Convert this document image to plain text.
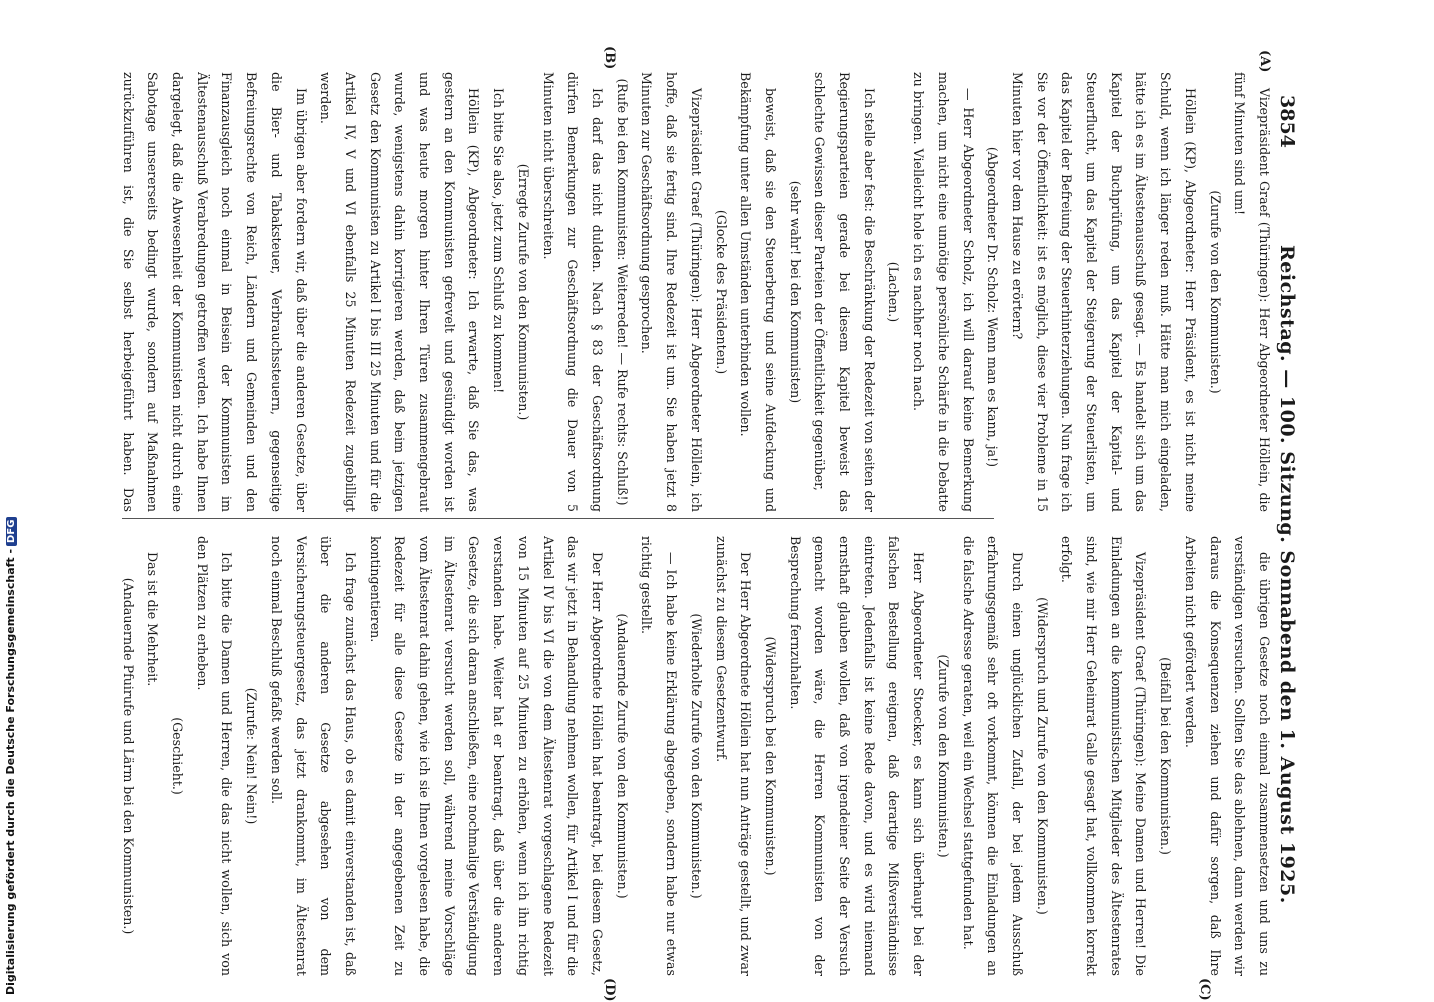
3854
Reichstag. — 100. Sitzung. Sonnabend den 1. August 1925.
(A)
(B)
(C)
(D)

Vizepräsident Graef (Thüringen): Herr Abgeordneter Höllein, die fünf Minuten sind um!

(Zurufe von den Kommunisten.)

Höllein (KP), Abgeordneter: Herr Präsident, es ist nicht meine Schuld, wenn ich länger reden muß. Hätte man mich eingeladen, hätte ich es im Ältestenausschuß gesagt. — Es handelt sich um das Kapitel der Buchprüfung, um das Kapitel der Kapital- und Steuerflucht, um das Kapitel der Steigerung der Steuerlisten, um das Kapitel der Befreiung der Steuerhinterziehungen. Nun frage ich Sie vor der Öffentlichkeit: ist es möglich, diese vier Probleme in 15 Minuten hier vor dem Hause zu erörtern?

(Abgeordneter Dr. Scholz: Wenn man es kann, ja!)

— Herr Abgeordneter Scholz, ich will darauf keine Bemerkung machen, um nicht eine unnötige persönliche Schärfe in die Debatte zu bringen. Vielleicht hole ich es nachher noch nach.

(Lachen.)

Ich stelle aber fest: die Beschränkung der Redezeit von seiten der Regierungsparteien gerade bei diesem Kapitel beweist das schlechte Gewissen dieser Parteien der Öffentlichkeit gegenüber,

(sehr wahr! bei den Kommunisten)

beweist, daß sie den Steuerbetrug und seine Aufdeckung und Bekämpfung unter allen Umständen unterbinden wollen.

(Glocke des Präsidenten.)

Vizepräsident Graef (Thüringen): Herr Abgeordneter Höllein, ich hoffe, daß sie fertig sind. Ihre Redezeit ist um. Sie haben jetzt 8 Minuten zur Geschäftsordnung gesprochen.

(Rufe bei den Kommunisten: Weiterreden! — Rufe rechts: Schluß!)

Ich darf das nicht dulden. Nach § 83 der Geschäftsordnung dürfen Bemerkungen zur Geschäftsordnung die Dauer von 5 Minuten nicht überschreiten.

(Erregte Zurufe von den Kommunisten.)

Ich bitte Sie also, jetzt zum Schluß zu kommen!

Höllein (KP), Abgeordneter: Ich erwarte, daß Sie das, was gestern an den Kommunisten gefrevelt und gesündigt worden ist und was heute morgen hinter Ihren Türen zusammengebraut wurde, wenigstens dahin korrigieren werden, daß beim jetzigen Gesetz den Kommunisten zu Artikel I bis III 25 Minuten und für die Artikel IV, V und VI ebenfalls 25 Minuten Redezeit zugebilligt werden.

Im übrigen aber fordern wir, daß über die anderen Gesetze, über die Bier- und Tabaksteuer, Verbrauchssteuern, gegenseitige Befreiungsrechte von Reich, Ländern und Gemeinden und den Finanzausgleich noch einmal in Beisein der Kommunisten im Ältestenausschuß Verabredungen getroffen werden. Ich habe Ihnen dargelegt, daß die Abwesenheit der Kommunisten nicht durch eine Sabotage unsererseits bedingt wurde, sondern auf Maßnahmen zurückzuführen ist, die Sie selbst herbeigeführt haben. Das

die übrigen Gesetze noch einmal zusammensetzen und uns zu verständigen versuchen. Sollten Sie das ablehnen, dann werden wir daraus die Konsequenzen ziehen und dafür sorgen, daß Ihre Arbeiten nicht gefördert werden.

(Beifall bei den Kommunisten.)

Vizepräsident Graef (Thüringen): Meine Damen und Herren! Die Einladungen an die kommunistischen Mitglieder des Ältestenrates sind, wie mir Herr Geheimrat Galle gesagt hat, vollkommen korrekt erfolgt.

(Widerspruch und Zurufe von den Kommunisten.)

Durch einen unglücklichen Zufall, der bei jedem Ausschuß erfahrungsgemäß sehr oft vorkommt, können die Einladungen an die falsche Adresse geraten, weil ein Wechsel stattgefunden hat.

(Zurufe von den Kommunisten.)

Herr Abgeordneter Stoecker, es kann sich überhaupt bei der falschen Bestellung ereignen, daß derartige Mißverständnisse eintreten. Jedenfalls ist keine Rede davon, und es wird niemand ernsthaft glauben wollen, daß von irgendeiner Seite der Versuch gemacht worden wäre, die Herren Kommunisten von der Besprechung fernzuhalten.

(Widerspruch bei den Kommunisten.)

Der Herr Abgeordnete Höllein hat nun Anträge gestellt, und zwar zunächst zu diesem Gesetzentwurf.

(Wiederholte Zurufe von den Kommunisten.)

— Ich habe keine Erklärung abgegeben, sondern habe nur etwas richtig gestellt.

(Andauernde Zurufe von den Kommunisten.)

Der Herr Abgeordnete Höllein hat beantragt, bei diesem Gesetz, das wir jetzt in Behandlung nehmen wollen, für Artikel I und für die Artikel IV bis VI die von dem Ältestenrat vorgeschlagene Redezeit von 15 Minuten auf 25 Minuten zu erhöhen, wenn ich ihn richtig verstanden habe. Weiter hat er beantragt, daß über die anderen Gesetze, die sich daran anschließen, eine nochmalige Verständigung im Ältestenrat versucht werden soll, während meine Vorschläge vom Ältestenrat dahin gehen, wie ich sie Ihnen vorgelesen habe, die Redezeit für alle diese Gesetze in der angegebenen Zeit zu kontingentieren.

Ich frage zunächst das Haus, ob es damit einverstanden ist, daß über die anderen Gesetze abgesehen von dem Versicherungsteuergesetz, das jetzt drankommt, im Ältestenrat noch einmal Beschluß gefaßt werden soll.

(Zurufe: Nein! Nein!)

Ich bitte die Damen und Herren, die das nicht wollen, sich von den Plätzen zu erheben.

(Geschieht.)

Das ist die Mehrheit.

(Andauernde Pfuirufe und Lärm bei den Kommunisten.)

Digitalisierung gefördert durch die Deutsche Forschungsgemeinschaft -DFG
